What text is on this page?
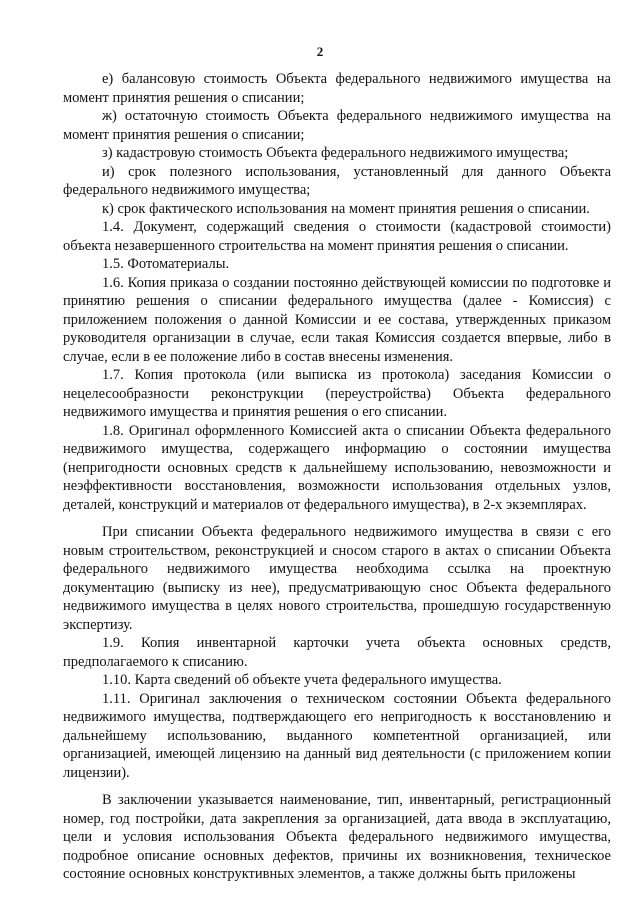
2

е) балансовую стоимость Объекта федерального недвижимого имущества на момент принятия решения о списании;

ж) остаточную стоимость Объекта федерального недвижимого имущества на момент принятия решения о списании;

з) кадастровую стоимость Объекта федерального недвижимого имущества;

и) срок полезного использования, установленный для данного Объекта федерального недвижимого имущества;

к) срок фактического использования на момент принятия решения о списании.

1.4. Документ, содержащий сведения о стоимости (кадастровой стоимости) объекта незавершенного строительства на момент принятия решения о списании.

1.5. Фотоматериалы.

1.6. Копия приказа о создании постоянно действующей комиссии по подготовке и принятию решения о списании федерального имущества (далее - Комиссия) с приложением положения о данной Комиссии и ее состава, утвержденных приказом руководителя организации в случае, если такая Комиссия создается впервые, либо в случае, если в ее положение либо в состав внесены изменения.

1.7. Копия протокола (или выписка из протокола) заседания Комиссии о нецелесообразности реконструкции (переустройства) Объекта федерального недвижимого имущества и принятия решения о его списании.

1.8. Оригинал оформленного Комиссией акта о списании Объекта федерального недвижимого имущества, содержащего информацию о состоянии имущества (непригодности основных средств к дальнейшему использованию, невозможности и неэффективности восстановления, возможности использования отдельных узлов, деталей, конструкций и материалов от федерального имущества), в 2-х экземплярах.

При списании Объекта федерального недвижимого имущества в связи с его новым строительством, реконструкцией и сносом старого в актах о списании Объекта федерального недвижимого имущества необходима ссылка на проектную документацию (выписку из нее), предусматривающую снос Объекта федерального недвижимого имущества в целях нового строительства, прошедшую государственную экспертизу.

1.9. Копия инвентарной карточки учета объекта основных средств, предполагаемого к списанию.

1.10. Карта сведений об объекте учета федерального имущества.

1.11. Оригинал заключения о техническом состоянии Объекта федерального недвижимого имущества, подтверждающего его непригодность к восстановлению и дальнейшему использованию, выданного компетентной организацией, или организацией, имеющей лицензию на данный вид деятельности (с приложением копии лицензии).

В заключении указывается наименование, тип, инвентарный, регистрационный номер, год постройки, дата закрепления за организацией, дата ввода в эксплуатацию, цели и условия использования Объекта федерального недвижимого имущества, подробное описание основных дефектов, причины их возникновения, техническое состояние основных конструктивных элементов, а также должны быть приложены
